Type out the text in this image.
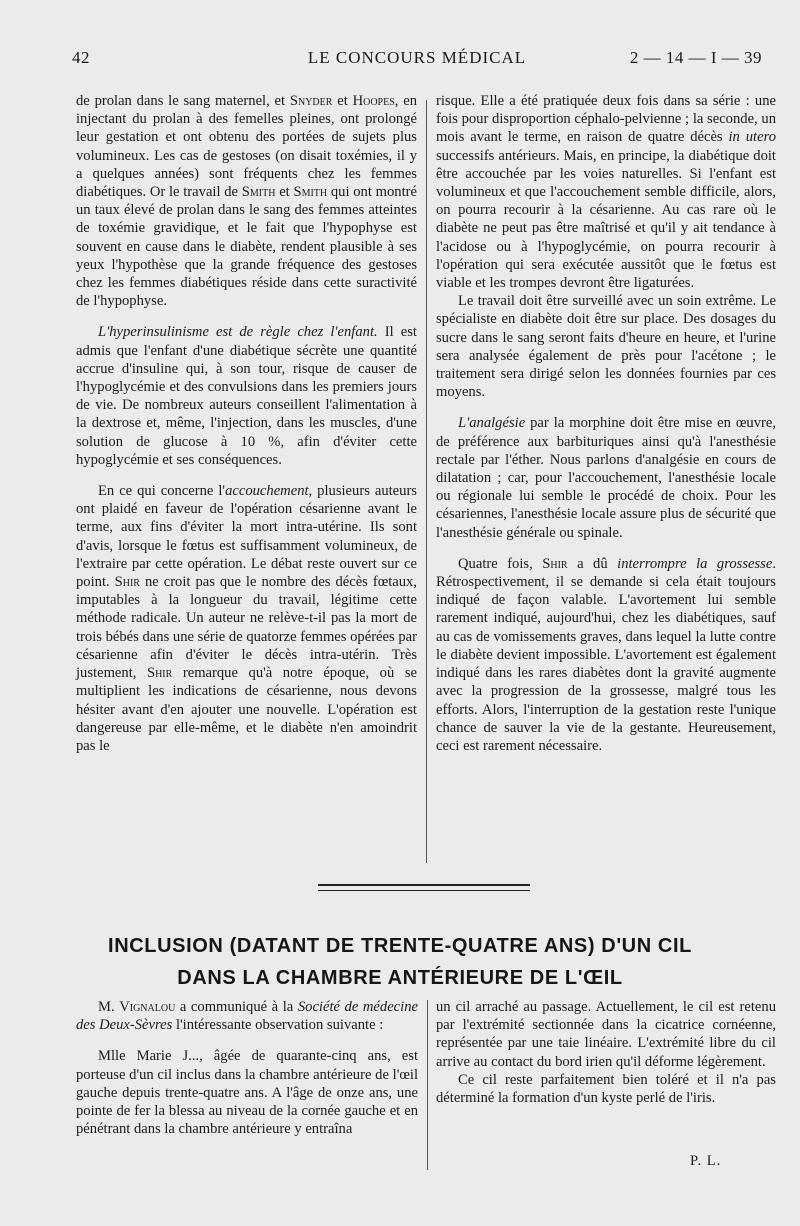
42	LE CONCOURS MÉDICAL	2 — 14 — I — 39

de prolan dans le sang maternel, et Snyder et Hoopes, en injectant du prolan à des femelles pleines, ont prolongé leur gestation et ont obtenu des portées de sujets plus volumineux. Les cas de gestoses (on disait toxémies, il y a quelques années) sont fréquents chez les femmes diabétiques. Or le travail de Smith et Smith qui ont montré un taux élevé de prolan dans le sang des femmes atteintes de toxémie gravidique, et le fait que l'hypophyse est souvent en cause dans le diabète, rendent plausible à ses yeux l'hypothèse que la grande fréquence des gestoses chez les femmes diabétiques réside dans cette suractivité de l'hypophyse.

L'hyperinsulinisme est de règle chez l'enfant. Il est admis que l'enfant d'une diabétique sécrète une quantité accrue d'insuline qui, à son tour, risque de causer de l'hypoglycémie et des convulsions dans les premiers jours de vie. De nombreux auteurs conseillent l'alimentation à la dextrose et, même, l'injection, dans les muscles, d'une solution de glucose à 10 %, afin d'éviter cette hypoglycémie et ses conséquences.

En ce qui concerne l'accouchement, plusieurs auteurs ont plaidé en faveur de l'opération césarienne avant le terme, aux fins d'éviter la mort intra-utérine. Ils sont d'avis, lorsque le fœtus est suffisamment volumineux, de l'extraire par cette opération. Le débat reste ouvert sur ce point. Shir ne croit pas que le nombre des décès fœtaux, imputables à la longueur du travail, légitime cette méthode radicale. Un auteur ne relève-t-il pas la mort de trois bébés dans une série de quatorze femmes opérées par césarienne afin d'éviter le décès intra-utérin. Très justement, Shir remarque qu'à notre époque, où se multiplient les indications de césarienne, nous devons hésiter avant d'en ajouter une nouvelle. L'opération est dangereuse par elle-même, et le diabète n'en amoindrit pas le

risque. Elle a été pratiquée deux fois dans sa série : une fois pour disproportion céphalo-pelvienne ; la seconde, un mois avant le terme, en raison de quatre décès in utero successifs antérieurs. Mais, en principe, la diabétique doit être accouchée par les voies naturelles. Si l'enfant est volumineux et que l'accouchement semble difficile, alors, on pourra recourir à la césarienne. Au cas rare où le diabète ne peut pas être maîtrisé et qu'il y ait tendance à l'acidose ou à l'hypoglycémie, on pourra recourir à l'opération qui sera exécutée aussitôt que le fœtus est viable et les trompes devront être ligaturées.

Le travail doit être surveillé avec un soin extrême. Le spécialiste en diabète doit être sur place. Des dosages du sucre dans le sang seront faits d'heure en heure, et l'urine sera analysée également de près pour l'acétone ; le traitement sera dirigé selon les données fournies par ces moyens.

L'analgésie par la morphine doit être mise en œuvre, de préférence aux barbituriques ainsi qu'à l'anesthésie rectale par l'éther. Nous parlons d'analgésie en cours de dilatation ; car, pour l'accouchement, l'anesthésie locale ou régionale lui semble le procédé de choix. Pour les césariennes, l'anesthésie locale assure plus de sécurité que l'anesthésie générale ou spinale.

Quatre fois, Shir a dû interrompre la grossesse. Rétrospectivement, il se demande si cela était toujours indiqué de façon valable. L'avortement lui semble rarement indiqué, aujourd'hui, chez les diabétiques, sauf au cas de vomissements graves, dans lequel la lutte contre le diabète devient impossible. L'avortement est également indiqué dans les rares diabètes dont la gravité augmente avec la progression de la grossesse, malgré tous les efforts. Alors, l'interruption de la gestation reste l'unique chance de sauver la vie de la gestante. Heureusement, ceci est rarement nécessaire.

INCLUSION (DATANT DE TRENTE-QUATRE ANS) D'UN CIL
DANS LA CHAMBRE ANTÉRIEURE DE L'ŒIL

M. Vignalou a communiqué à la Société de médecine des Deux-Sèvres l'intéressante observation suivante :

Mlle Marie J..., âgée de quarante-cinq ans, est porteuse d'un cil inclus dans la chambre antérieure de l'œil gauche depuis trente-quatre ans. A l'âge de onze ans, une pointe de fer la blessa au niveau de la cornée gauche et en pénétrant dans la chambre antérieure y entraîna

un cil arraché au passage. Actuellement, le cil est retenu par l'extrémité sectionnée dans la cicatrice cornéenne, représentée par une taie linéaire. L'extrémité libre du cil arrive au contact du bord irien qu'il déforme légèrement.

Ce cil reste parfaitement bien toléré et il n'a pas déterminé la formation d'un kyste perlé de l'iris.

P. L.
